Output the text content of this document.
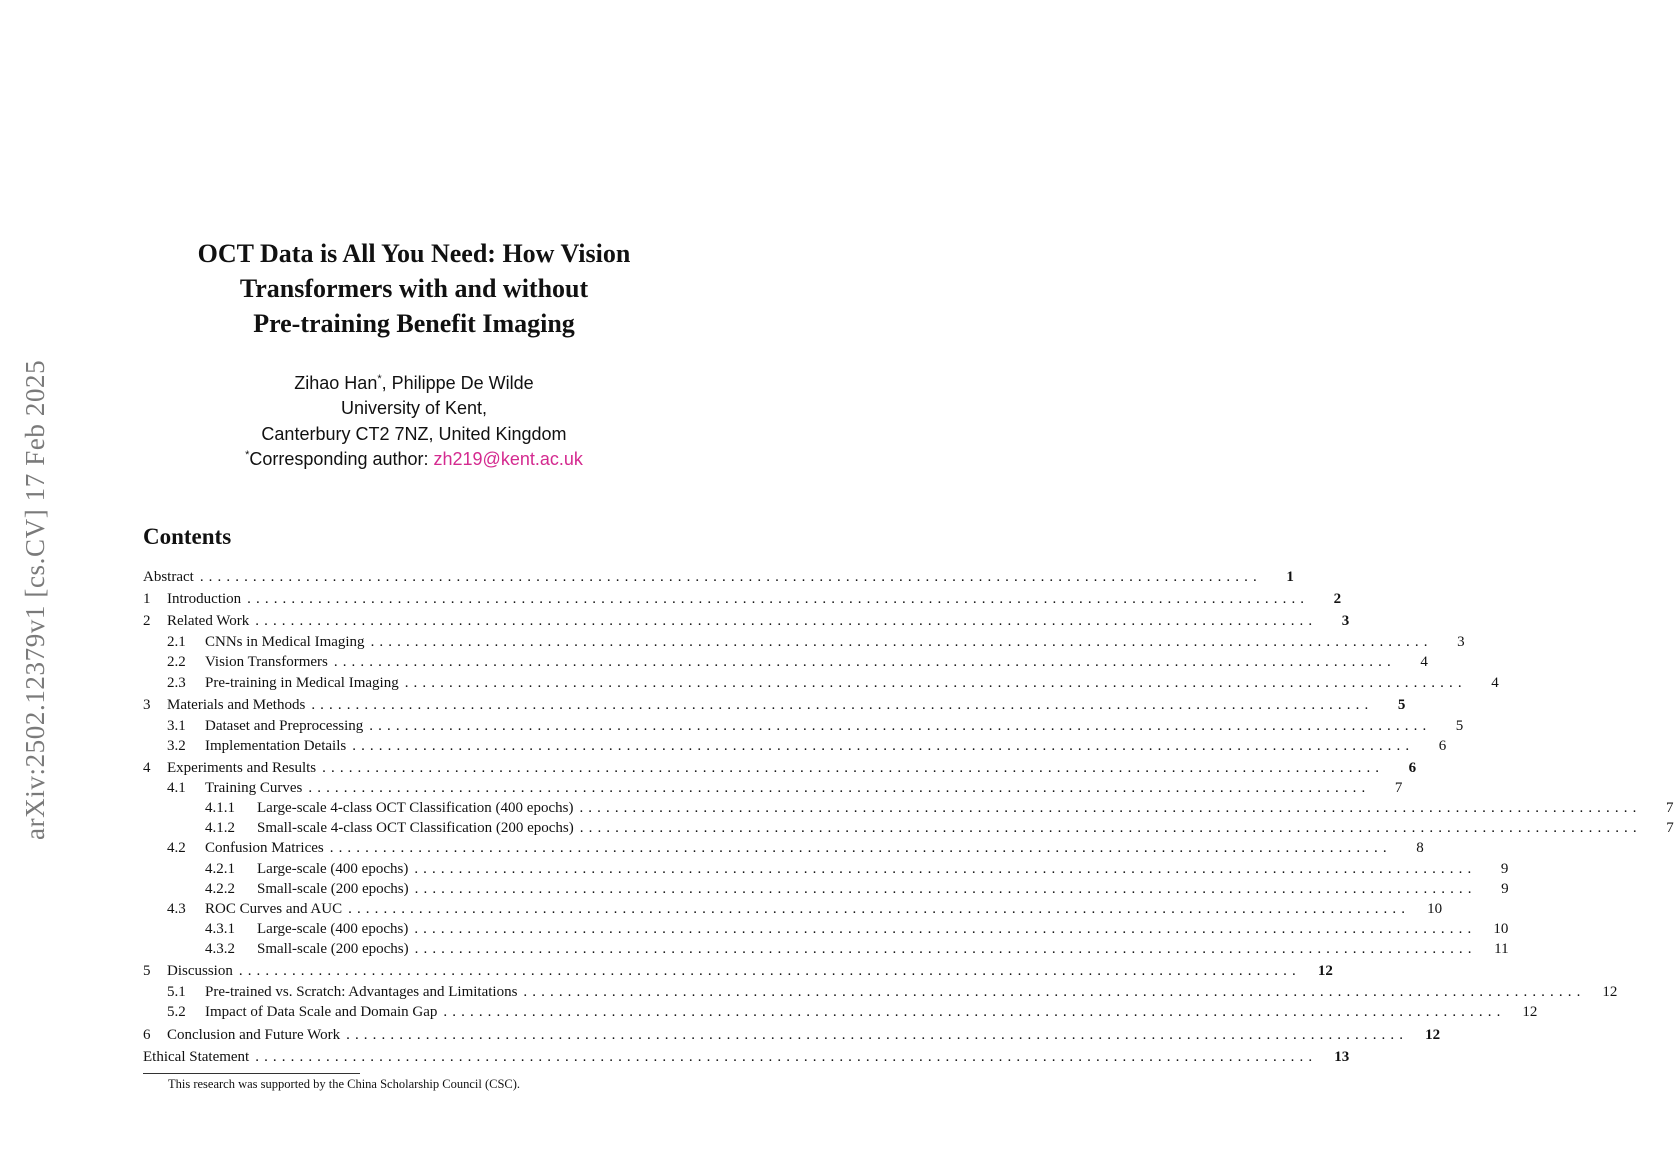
arXiv:2502.12379v1 [cs.CV] 17 Feb 2025
OCT Data is All You Need: How Vision
Transformers with and without
Pre-training Benefit Imaging
Zihao Han*, Philippe De Wilde
University of Kent,
Canterbury CT2 7NZ, United Kingdom
*Corresponding author: zh219@kent.ac.uk
Contents
Abstract ........................................................................................................................	1
1	Introduction ........................................................................................................................	2
2	Related Work ........................................................................................................................	3
2.1	CNNs in Medical Imaging ........................................................................................................................	3
2.2	Vision Transformers ........................................................................................................................	4
2.3	Pre-training in Medical Imaging ........................................................................................................................	4
3	Materials and Methods ........................................................................................................................	5
3.1	Dataset and Preprocessing ........................................................................................................................	5
3.2	Implementation Details ........................................................................................................................	6
4	Experiments and Results ........................................................................................................................	6
4.1	Training Curves ........................................................................................................................	7
4.1.1	Large-scale 4-class OCT Classification (400 epochs) ........................................................................................................................	7
4.1.2	Small-scale 4-class OCT Classification (200 epochs) ........................................................................................................................	7
4.2	Confusion Matrices ........................................................................................................................	8
4.2.1	Large-scale (400 epochs) ........................................................................................................................	9
4.2.2	Small-scale (200 epochs) ........................................................................................................................	9
4.3	ROC Curves and AUC ........................................................................................................................	10
4.3.1	Large-scale (400 epochs) ........................................................................................................................	10
4.3.2	Small-scale (200 epochs) ........................................................................................................................	11
5	Discussion ........................................................................................................................	12
5.1	Pre-trained vs. Scratch: Advantages and Limitations ........................................................................................................................	12
5.2	Impact of Data Scale and Domain Gap ........................................................................................................................	12
6	Conclusion and Future Work ........................................................................................................................	12
Ethical Statement ........................................................................................................................	13
This research was supported by the China Scholarship Council (CSC).
